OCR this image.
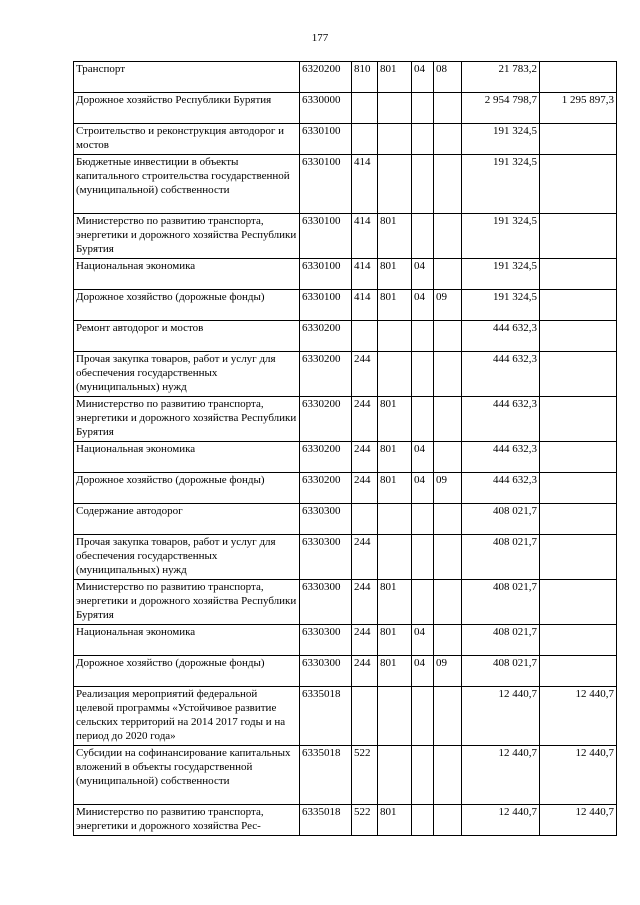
177
Транспорт	6320200	810	801	04	08	21 783,2	
Дорожное хозяйство Республики Бурятия	6330000					2 954 798,7	1 295 897,3
Строительство и реконструкция автодорог и мостов	6330100					191 324,5	
Бюджетные инвестиции в объекты капитального строительства государственной (муниципальной) собственности	6330100	414				191 324,5	
Министерство по развитию транспорта, энергетики и дорожного хозяйства Республики Бурятия	6330100	414	801			191 324,5	
Национальная экономика	6330100	414	801	04		191 324,5	
Дорожное хозяйство (дорожные фонды)	6330100	414	801	04	09	191 324,5	
Ремонт автодорог и мостов	6330200					444 632,3	
Прочая закупка товаров, работ и услуг для обеспечения государственных (муниципальных) нужд	6330200	244				444 632,3	
Министерство по развитию транспорта, энергетики и дорожного хозяйства Республики Бурятия	6330200	244	801			444 632,3	
Национальная экономика	6330200	244	801	04		444 632,3	
Дорожное хозяйство (дорожные фонды)	6330200	244	801	04	09	444 632,3	
Содержание автодорог	6330300					408 021,7	
Прочая закупка товаров, работ и услуг для обеспечения государственных (муниципальных) нужд	6330300	244				408 021,7	
Министерство по развитию транспорта, энергетики и дорожного хозяйства Республики Бурятия	6330300	244	801			408 021,7	
Национальная экономика	6330300	244	801	04		408 021,7	
Дорожное хозяйство (дорожные фонды)	6330300	244	801	04	09	408 021,7	
Реализация мероприятий федеральной целевой программы «Устойчивое развитие сельских территорий на 2014 2017 годы и на период до 2020 года»	6335018					12 440,7	12 440,7
Субсидии на софинансирование капитальных вложений в объекты государственной (муниципальной) собственности	6335018	522				12 440,7	12 440,7
Министерство по развитию транспорта, энергетики и дорожного хозяйства Рес-	6335018	522	801			12 440,7	12 440,7
